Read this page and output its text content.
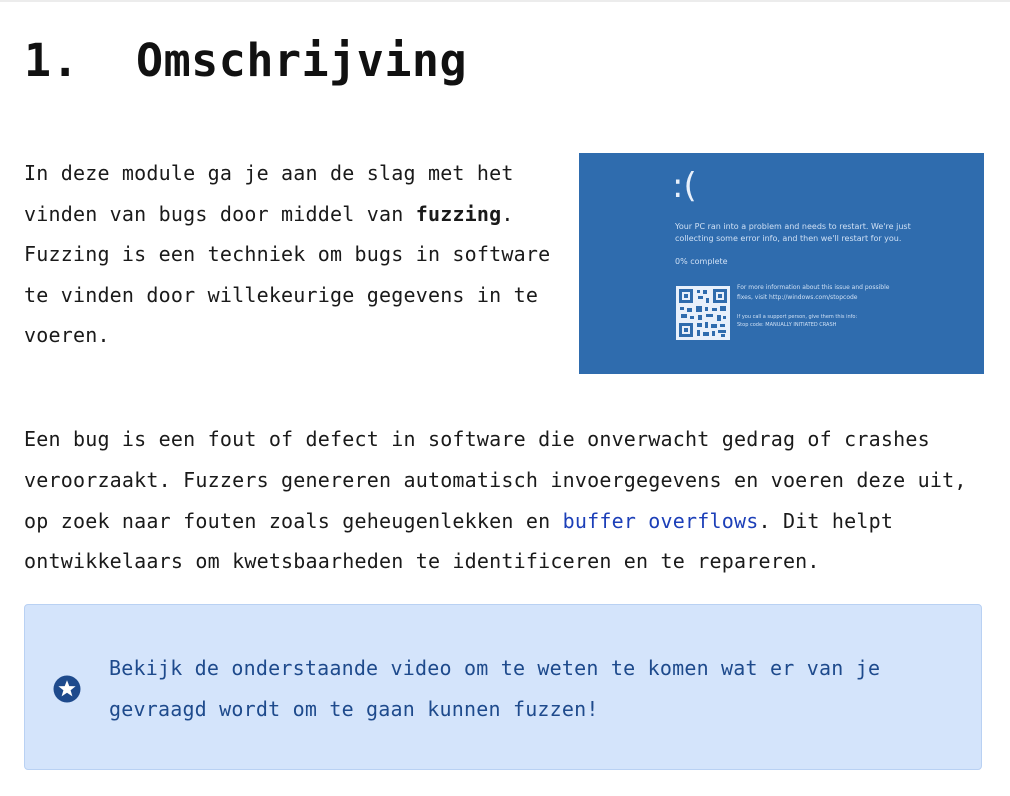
1. Omschrijving

In deze module ga je aan de slag met het vinden van bugs door middel van fuzzing. Fuzzing is een techniek om bugs in software te vinden door willekeurige gegevens in te voeren.

:(
Your PC ran into a problem and needs to restart. We're just collecting some error info, and then we'll restart for you.
0% complete
For more information about this issue and possible fixes, visit http://windows.com/stopcode
If you call a support person, give them this info:
Stop code: MANUALLY INITIATED CRASH

Een bug is een fout of defect in software die onverwacht gedrag of crashes veroorzaakt. Fuzzers genereren automatisch invoergegevens en voeren deze uit, op zoek naar fouten zoals geheugenlekken en buffer overflows. Dit helpt ontwikkelaars om kwetsbaarheden te identificeren en te repareren.

Bekijk de onderstaande video om te weten te komen wat er van je gevraagd wordt om te gaan kunnen fuzzen!
